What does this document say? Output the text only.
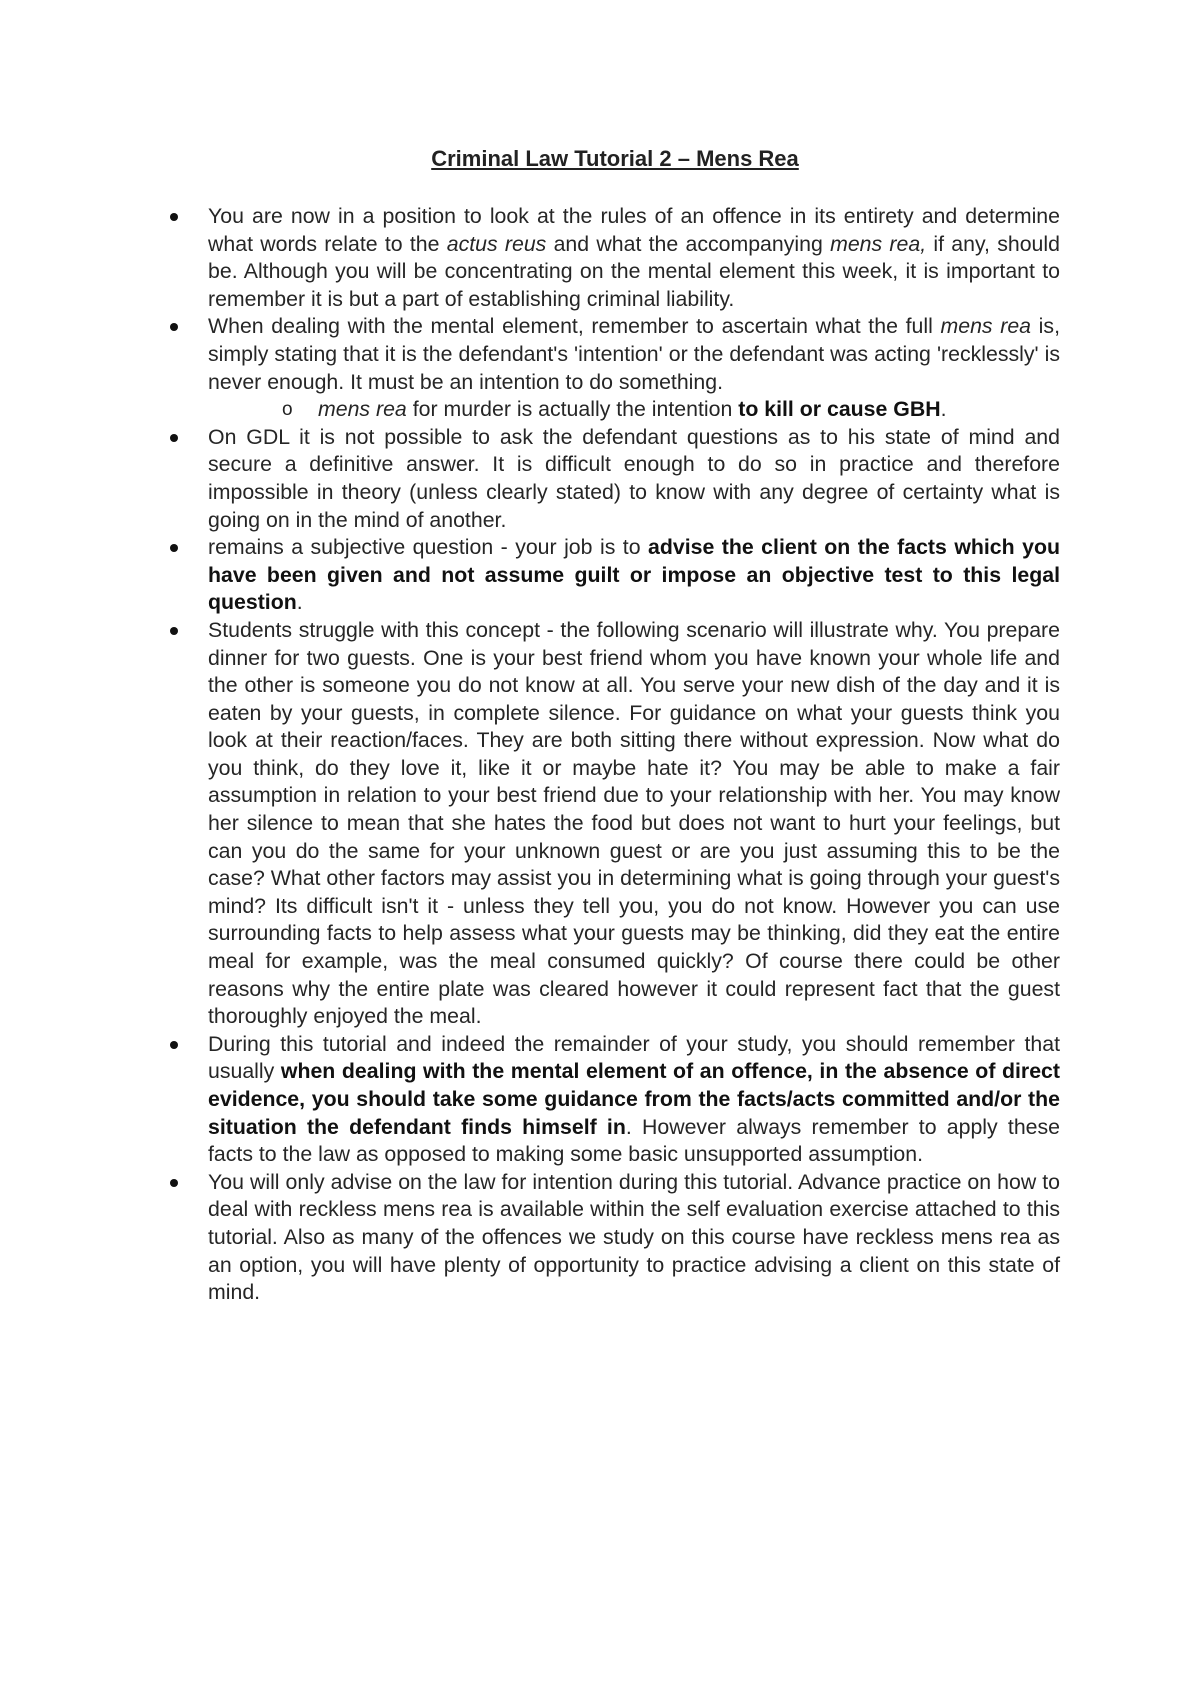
Criminal Law Tutorial 2 – Mens Rea
You are now in a position to look at the rules of an offence in its entirety and determine what words relate to the actus reus and what the accompanying mens rea, if any, should be. Although you will be concentrating on the mental element this week, it is important to remember it is but a part of establishing criminal liability.
When dealing with the mental element, remember to ascertain what the full mens rea is, simply stating that it is the defendant's 'intention' or the defendant was acting 'recklessly' is never enough. It must be an intention to do something.
o mens rea for murder is actually the intention to kill or cause GBH.
On GDL it is not possible to ask the defendant questions as to his state of mind and secure a definitive answer. It is difficult enough to do so in practice and therefore impossible in theory (unless clearly stated) to know with any degree of certainty what is going on in the mind of another.
remains a subjective question - your job is to advise the client on the facts which you have been given and not assume guilt or impose an objective test to this legal question.
Students struggle with this concept - the following scenario will illustrate why. You prepare dinner for two guests. One is your best friend whom you have known your whole life and the other is someone you do not know at all. You serve your new dish of the day and it is eaten by your guests, in complete silence. For guidance on what your guests think you look at their reaction/faces. They are both sitting there without expression. Now what do you think, do they love it, like it or maybe hate it? You may be able to make a fair assumption in relation to your best friend due to your relationship with her. You may know her silence to mean that she hates the food but does not want to hurt your feelings, but can you do the same for your unknown guest or are you just assuming this to be the case? What other factors may assist you in determining what is going through your guest's mind? Its difficult isn't it - unless they tell you, you do not know. However you can use surrounding facts to help assess what your guests may be thinking, did they eat the entire meal for example, was the meal consumed quickly? Of course there could be other reasons why the entire plate was cleared however it could represent fact that the guest thoroughly enjoyed the meal.
During this tutorial and indeed the remainder of your study, you should remember that usually when dealing with the mental element of an offence, in the absence of direct evidence, you should take some guidance from the facts/acts committed and/or the situation the defendant finds himself in. However always remember to apply these facts to the law as opposed to making some basic unsupported assumption.
You will only advise on the law for intention during this tutorial. Advance practice on how to deal with reckless mens rea is available within the self evaluation exercise attached to this tutorial. Also as many of the offences we study on this course have reckless mens rea as an option, you will have plenty of opportunity to practice advising a client on this state of mind.
